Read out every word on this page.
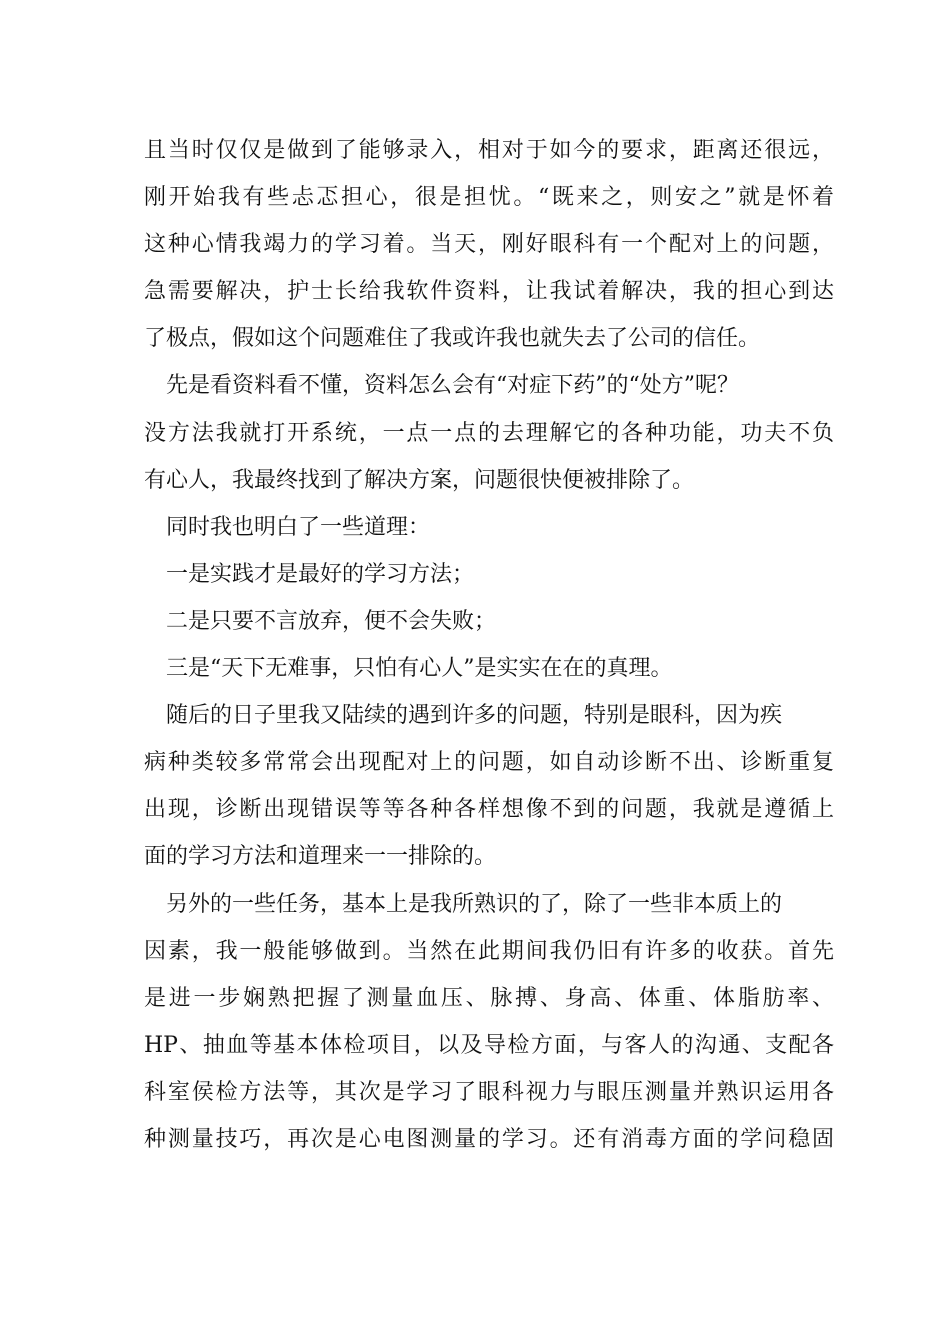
且当时仅仅是做到了能够录入，相对于如今的要求，距离还很远，
刚开始我有些忐忑担心，很是担忧。“既来之，则安之”就是怀着
这种心情我竭力的学习着。当天，刚好眼科有一个配对上的问题，
急需要解决，护士长给我软件资料，让我试着解决，我的担心到达
了极点，假如这个问题难住了我或许我也就失去了公司的信任。
先是看资料看不懂，资料怎么会有“对症下药”的“处方”呢？
没方法我就打开系统，一点一点的去理解它的各种功能，功夫不负
有心人，我最终找到了解决方案，问题很快便被排除了。
同时我也明白了一些道理：
一是实践才是最好的学习方法；
二是只要不言放弃，便不会失败；
三是“天下无难事，只怕有心人”是实实在在的真理。
随后的日子里我又陆续的遇到许多的问题，特别是眼科，因为疾
病种类较多常常会出现配对上的问题，如自动诊断不出、诊断重复
出现，诊断出现错误等等各种各样想像不到的问题，我就是遵循上
面的学习方法和道理来一一排除的。
另外的一些任务，基本上是我所熟识的了，除了一些非本质上的
因素，我一般能够做到。当然在此期间我仍旧有许多的收获。首先
是进一步娴熟把握了测量血压、脉搏、身高、体重、体脂肪率、
HP、抽血等基本体检项目，以及导检方面，与客人的沟通、支配各
科室侯检方法等，其次是学习了眼科视力与眼压测量并熟识运用各
种测量技巧，再次是心电图测量的学习。还有消毒方面的学问稳固
